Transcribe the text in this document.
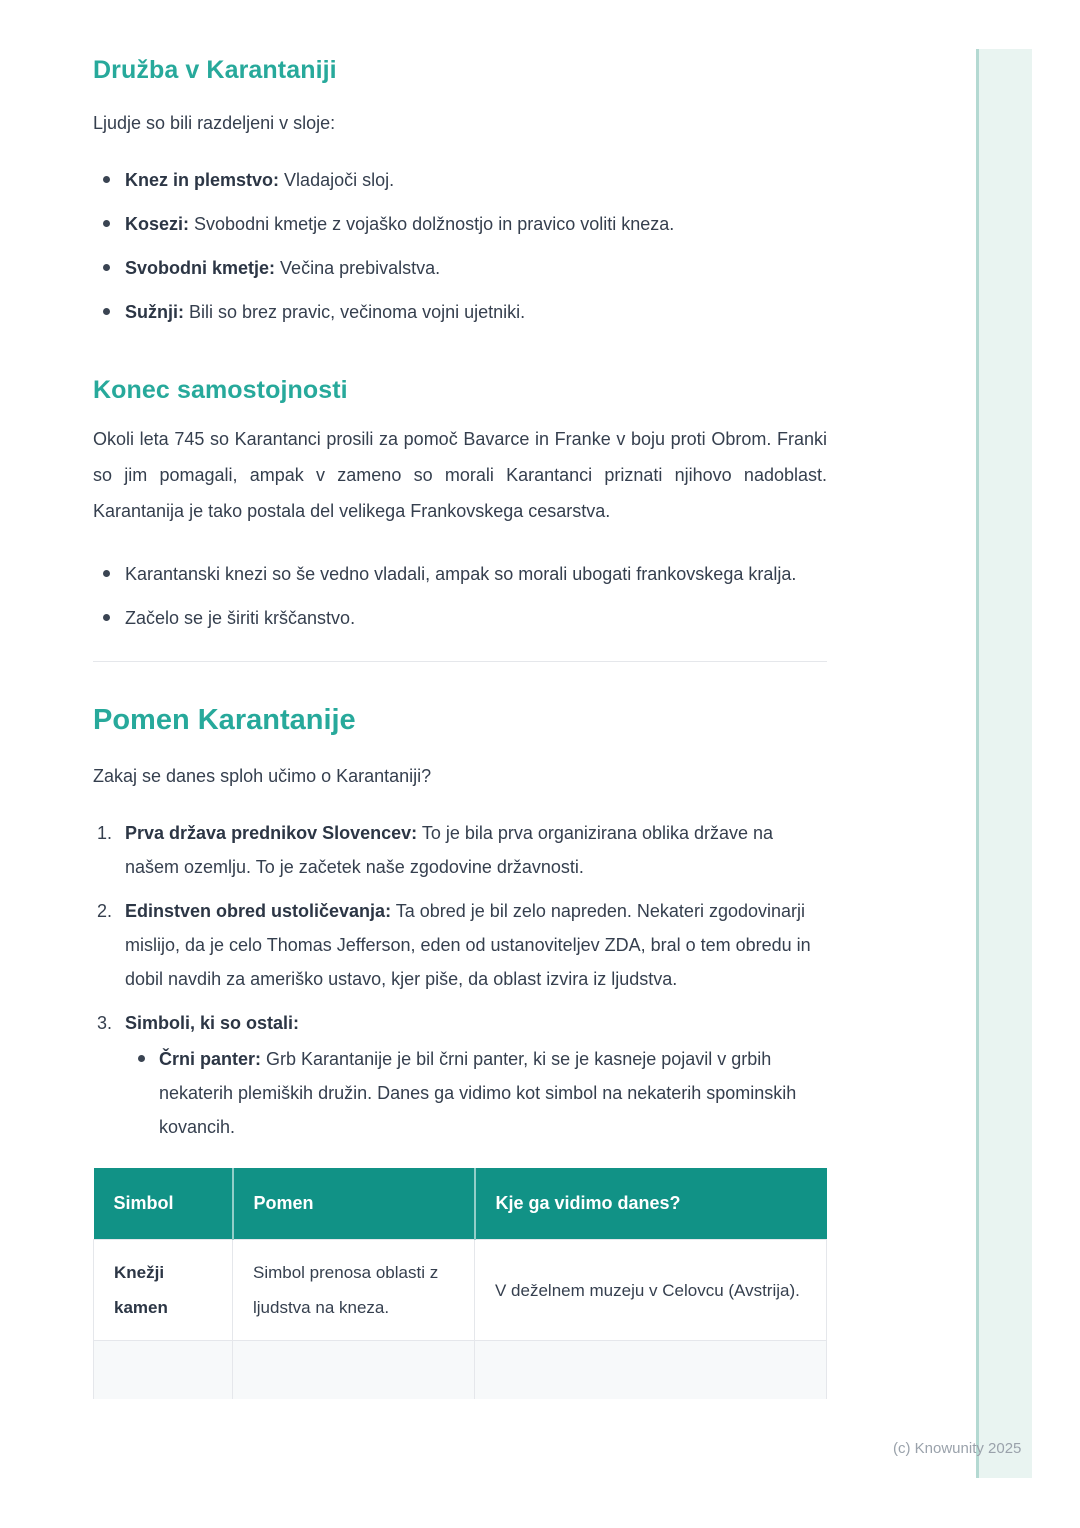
Družba v Karantaniji

Ljudje so bili razdeljeni v sloje:

Knez in plemstvo: Vladajoči sloj.
Kosezi: Svobodni kmetje z vojaško dolžnostjo in pravico voliti kneza.
Svobodni kmetje: Večina prebivalstva.
Sužnji: Bili so brez pravic, večinoma vojni ujetniki.
Konec samostojnosti

Okoli leta 745 so Karantanci prosili za pomoč Bavarce in Franke v boju proti Obrom. Franki so jim pomagali, ampak v zameno so morali Karantanci priznati njihovo nadoblast. Karantanija je tako postala del velikega Frankovskega cesarstva.

Karantanski knezi so še vedno vladali, ampak so morali ubogati frankovskega kralja.
Začelo se je širiti krščanstvo.
Pomen Karantanije

Zakaj se danes sploh učimo o Karantaniji?

1. Prva država prednikov Slovencev: To je bila prva organizirana oblika države na našem ozemlju. To je začetek naše zgodovine državnosti.
2. Edinstven obred ustoličevanja: Ta obred je bil zelo napreden. Nekateri zgodovinarji mislijo, da je celo Thomas Jefferson, eden od ustanoviteljev ZDA, bral o tem obredu in dobil navdih za ameriško ustavo, kjer piše, da oblast izvira iz ljudstva.
3. Simboli, ki so ostali:
Črni panter: Grb Karantanije je bil črni panter, ki se je kasneje pojavil v grbih nekaterih plemiških družin. Danes ga vidimo kot simbol na nekaterih spominskih kovancih.
Simbol	Pomen	Kje ga vidimo danes?
Knežji kamen	Simbol prenosa oblasti z ljudstva na kneza.	V deželnem muzeju v Celovcu (Avstrija).

(c) Knowunity 2025
